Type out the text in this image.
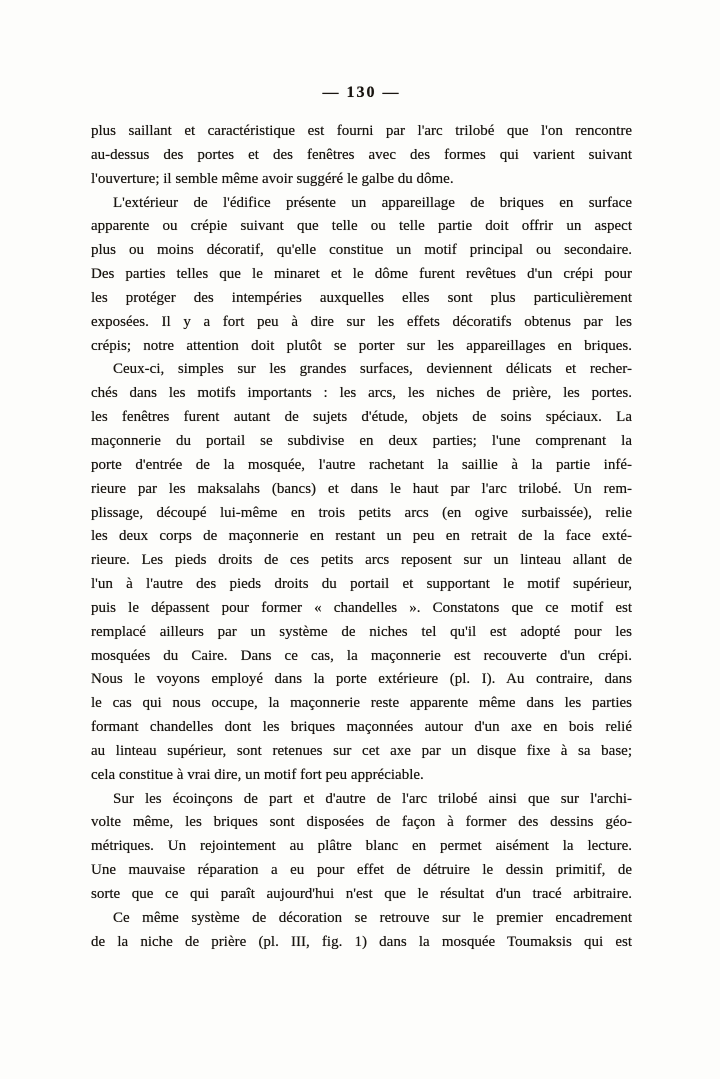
— 130 —
plus saillant et caractéristique est fourni par l'arc trilobé que l'on rencontre
au-dessus des portes et des fenêtres avec des formes qui varient suivant
l'ouverture; il semble même avoir suggéré le galbe du dôme.
L'extérieur de l'édifice présente un appareillage de briques en surface
apparente ou crépie suivant que telle ou telle partie doit offrir un aspect
plus ou moins décoratif, qu'elle constitue un motif principal ou secondaire.
Des parties telles que le minaret et le dôme furent revêtues d'un crépi pour
les protéger des intempéries auxquelles elles sont plus particulièrement
exposées. Il y a fort peu à dire sur les effets décoratifs obtenus par les
crépis; notre attention doit plutôt se porter sur les appareillages en briques.
Ceux-ci, simples sur les grandes surfaces, deviennent délicats et recher-
chés dans les motifs importants : les arcs, les niches de prière, les portes.
les fenêtres furent autant de sujets d'étude, objets de soins spéciaux. La
maçonnerie du portail se subdivise en deux parties; l'une comprenant la
porte d'entrée de la mosquée, l'autre rachetant la saillie à la partie infé-
rieure par les maksalahs (bancs) et dans le haut par l'arc trilobé. Un rem-
plissage, découpé lui-même en trois petits arcs (en ogive surbaissée), relie
les deux corps de maçonnerie en restant un peu en retrait de la face exté-
rieure. Les pieds droits de ces petits arcs reposent sur un linteau allant de
l'un à l'autre des pieds droits du portail et supportant le motif supérieur,
puis le dépassent pour former « chandelles ». Constatons que ce motif est
remplacé ailleurs par un système de niches tel qu'il est adopté pour les
mosquées du Caire. Dans ce cas, la maçonnerie est recouverte d'un crépi.
Nous le voyons employé dans la porte extérieure (pl. I). Au contraire, dans
le cas qui nous occupe, la maçonnerie reste apparente même dans les parties
formant chandelles dont les briques maçonnées autour d'un axe en bois relié
au linteau supérieur, sont retenues sur cet axe par un disque fixe à sa base;
cela constitue à vrai dire, un motif fort peu appréciable.
Sur les écoinçons de part et d'autre de l'arc trilobé ainsi que sur l'archi-
volte même, les briques sont disposées de façon à former des dessins géo-
métriques. Un rejointement au plâtre blanc en permet aisément la lecture.
Une mauvaise réparation a eu pour effet de détruire le dessin primitif, de
sorte que ce qui paraît aujourd'hui n'est que le résultat d'un tracé arbitraire.
Ce même système de décoration se retrouve sur le premier encadrement
de la niche de prière (pl. III, fig. 1) dans la mosquée Toumaksis qui est
